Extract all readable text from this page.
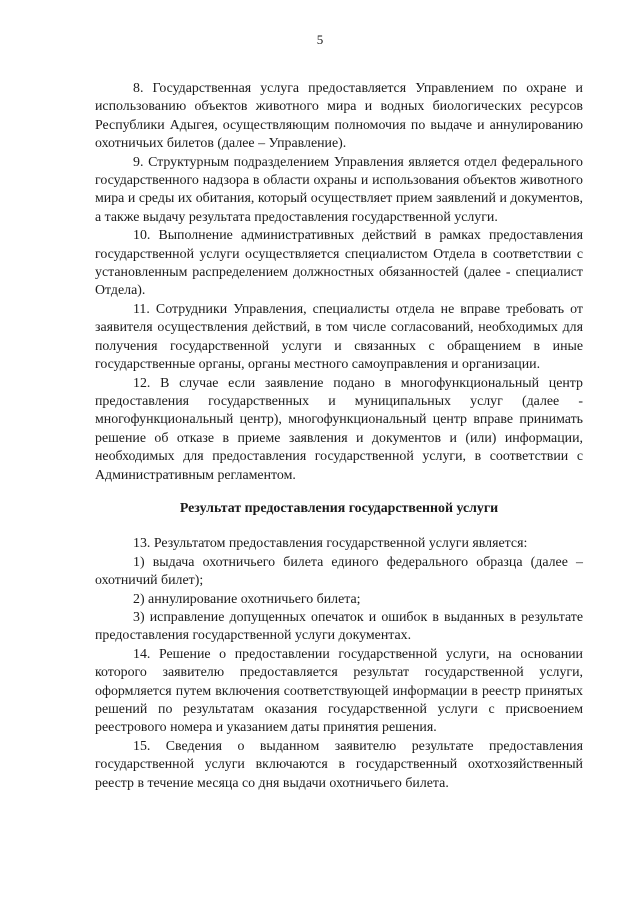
5

8. Государственная услуга предоставляется Управлением по охране и использованию объектов животного мира и водных биологических ресурсов Республики Адыгея, осуществляющим полномочия по выдаче и аннулированию охотничьих билетов (далее – Управление).

9. Структурным подразделением Управления является отдел федерального государственного надзора в области охраны и использования объектов животного мира и среды их обитания, который осуществляет прием заявлений и документов, а также выдачу результата предоставления государственной услуги.

10. Выполнение административных действий в рамках предоставления государственной услуги осуществляется специалистом Отдела в соответствии с установленным распределением должностных обязанностей (далее - специалист Отдела).

11. Сотрудники Управления, специалисты отдела не вправе требовать от заявителя осуществления действий, в том числе согласований, необходимых для получения государственной услуги и связанных с обращением в иные государственные органы, органы местного самоуправления и организации.

12. В случае если заявление подано в многофункциональный центр предоставления государственных и муниципальных услуг (далее - многофункциональный центр), многофункциональный центр вправе принимать решение об отказе в приеме заявления и документов и (или) информации, необходимых для предоставления государственной услуги, в соответствии с Административным регламентом.

Результат предоставления государственной услуги

13. Результатом предоставления государственной услуги является:

1) выдача охотничьего билета единого федерального образца (далее – охотничий билет);

2) аннулирование охотничьего билета;

3) исправление допущенных опечаток и ошибок в выданных в результате предоставления государственной услуги документах.

14. Решение о предоставлении государственной услуги, на основании которого заявителю предоставляется результат государственной услуги, оформляется путем включения соответствующей информации в реестр принятых решений по результатам оказания государственной услуги с присвоением реестрового номера и указанием даты принятия решения.

15. Сведения о выданном заявителю результате предоставления государственной услуги включаются в государственный охотхозяйственный реестр в течение месяца со дня выдачи охотничьего билета.
